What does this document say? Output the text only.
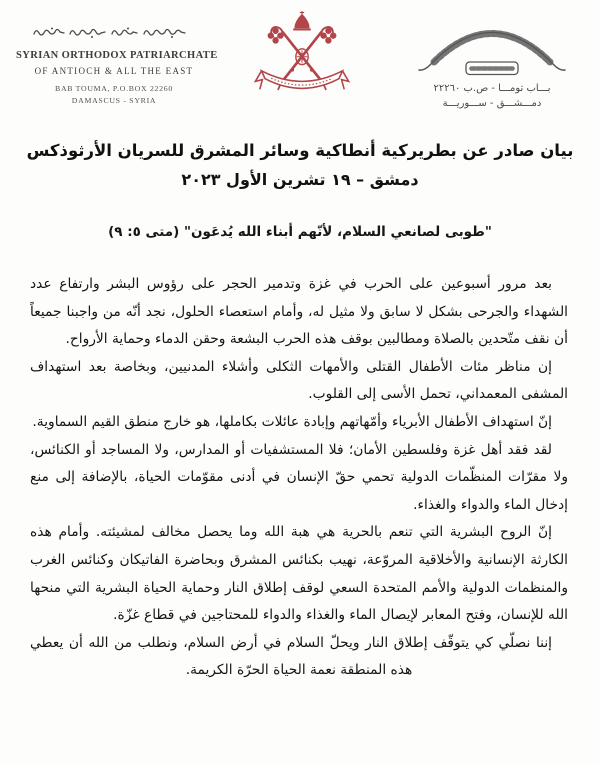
SYRIAN ORTHODOX PATRIARCHATE
OF ANTIOCH & ALL THE EAST
BAB TOUMA, P.O.BOX 22260
DAMASCUS - SYRIA
بـــاب تومـــا - ص.ب ٢٢٢٦٠
دمـــشـــق - ســـوريـــة
بيان صادر عن بطريركية أنطاكية وسائر المشرق للسريان الأرثوذكس
دمشق – ١٩ تشرين الأول ٢٠٢٣
"طوبى لصانعي السلام، لأنّهم أبناء الله يُدعَون" (متى ٥: ٩)

بعد مرور أسبوعين على الحرب في غزة وتدمير الحجر على رؤوس البشر وارتفاع عدد الشهداء والجرحى بشكل لا سابق ولا مثيل له، وأمام استعصاء الحلول، نجد أنّه من واجبنا جميعاً أن نقف متّحدين بالصلاة ومطالبين بوقف هذه الحرب البشعة وحقن الدماء وحماية الأرواح.

إن مناظر مئات الأطفال القتلى والأمهات الثكلى وأشلاء المدنيين، وبخاصة بعد استهداف المشفى المعمداني، تحمل الأسى إلى القلوب.

إنّ استهداف الأطفال الأبرياء وأمّهاتهم وإبادة عائلات بكاملها، هو خارج منطق القيم السماوية.

لقد فقد أهل غزة وفلسطين الأمان؛ فلا المستشفيات أو المدارس، ولا المساجد أو الكنائس، ولا مقرّات المنظّمات الدولية تحمي حقّ الإنسان في أدنى مقوّمات الحياة، بالإضافة إلى منع إدخال الماء والدواء والغذاء.

إنّ الروح البشرية التي تنعم بالحرية هي هبة الله وما يحصل مخالف لمشيئته. وأمام هذه الكارثة الإنسانية والأخلاقية المروّعة، نهيب بكنائس المشرق وبحاضرة الفاتيكان وكنائس الغرب والمنظمات الدولية والأمم المتحدة السعي لوقف إطلاق النار وحماية الحياة البشرية التي منحها الله للإنسان، وفتح المعابر لإيصال الماء والغذاء والدواء للمحتاجين في قطاع غزّة.

إننا نصلّي كي يتوقّف إطلاق النار ويحلّ السلام في أرض السلام، ونطلب من الله أن يعطي هذه المنطقة نعمة الحياة الحرّة الكريمة.
